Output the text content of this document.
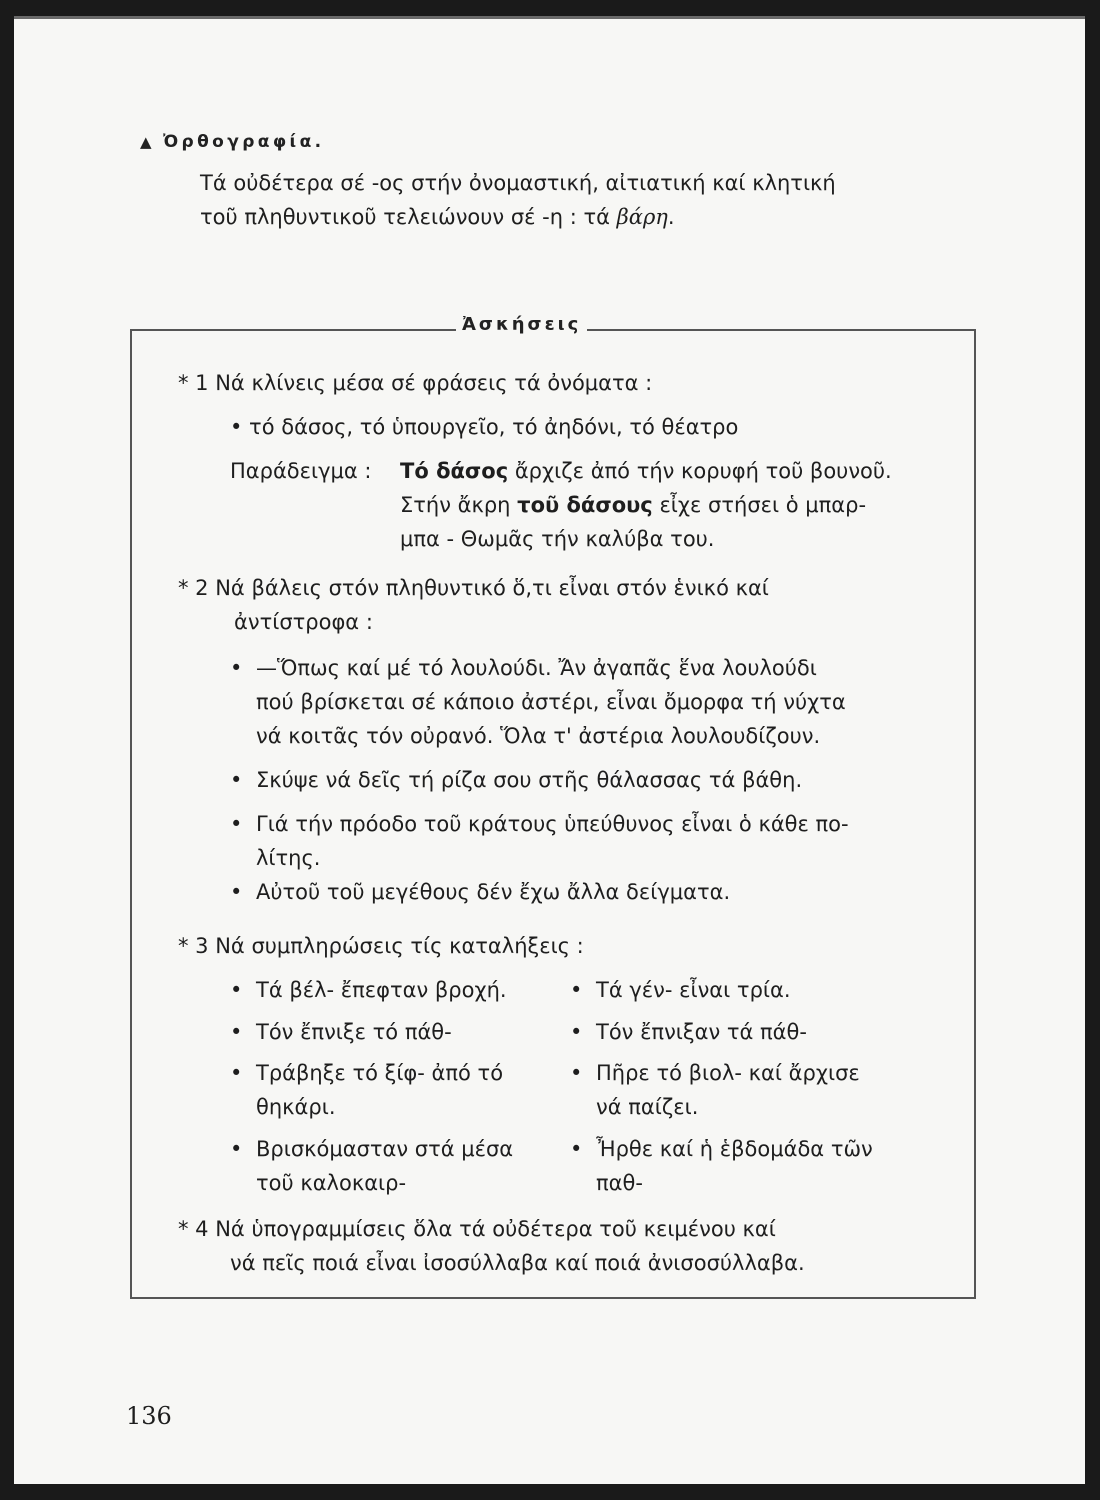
▲ Ὀρθογραφία.
Τά οὐδέτερα σέ -ος στήν ὀνομαστική, αἰτιατική καί κλητική
τοῦ πληθυντικοῦ τελειώνουν σέ -η : τά βάρη.
Ἀσκήσεις
* 1 Νά κλίνεις μέσα σέ φράσεις τά ὀνόματα :
• τό δάσος, τό ὑπουργεῖο, τό ἀηδόνι, τό θέατρο
Παράδειγμα : Τό δάσος ἄρχιζε ἀπό τήν κορυφή τοῦ βουνοῦ.
Στήν ἄκρη τοῦ δάσους εἶχε στήσει ὁ μπαρ-
μπα - Θωμᾶς τήν καλύβα του.
* 2 Νά βάλεις στόν πληθυντικό ὅ,τι εἶναι στόν ἑνικό καί
ἀντίστροφα :
• —Ὅπως καί μέ τό λουλούδι. Ἄν ἀγαπᾶς ἕνα λουλούδι
πού βρίσκεται σέ κάποιο ἀστέρι, εἶναι ὄμορφα τή νύχτα
νά κοιτᾶς τόν οὐρανό. Ὅλα τ' ἀστέρια λουλουδίζουν.
• Σκύψε νά δεῖς τή ρίζα σου στῆς θάλασσας τά βάθη.
• Γιά τήν πρόοδο τοῦ κράτους ὑπεύθυνος εἶναι ὁ κάθε πο-
λίτης.
• Αὐτοῦ τοῦ μεγέθους δέν ἔχω ἄλλα δείγματα.
* 3 Νά συμπληρώσεις τίς καταλήξεις :
• Τά βέλ- ἔπεφταν βροχή.	• Τά γέν- εἶναι τρία.
• Τόν ἔπνιξε τό πάθ-	• Τόν ἔπνιξαν τά πάθ-
• Τράβηξε τό ξίφ- ἀπό τό	• Πῆρε τό βιολ- καί ἄρχισε
θηκάρι.	νά παίζει.
• Βρισκόμασταν στά μέσα	• Ἦρθε καί ἡ ἑβδομάδα τῶν
τοῦ καλοκαιρ-	παθ-
* 4 Νά ὑπογραμμίσεις ὅλα τά οὐδέτερα τοῦ κειμένου καί
νά πεῖς ποιά εἶναι ἰσοσύλλαβα καί ποιά ἀνισοσύλλαβα.
136
